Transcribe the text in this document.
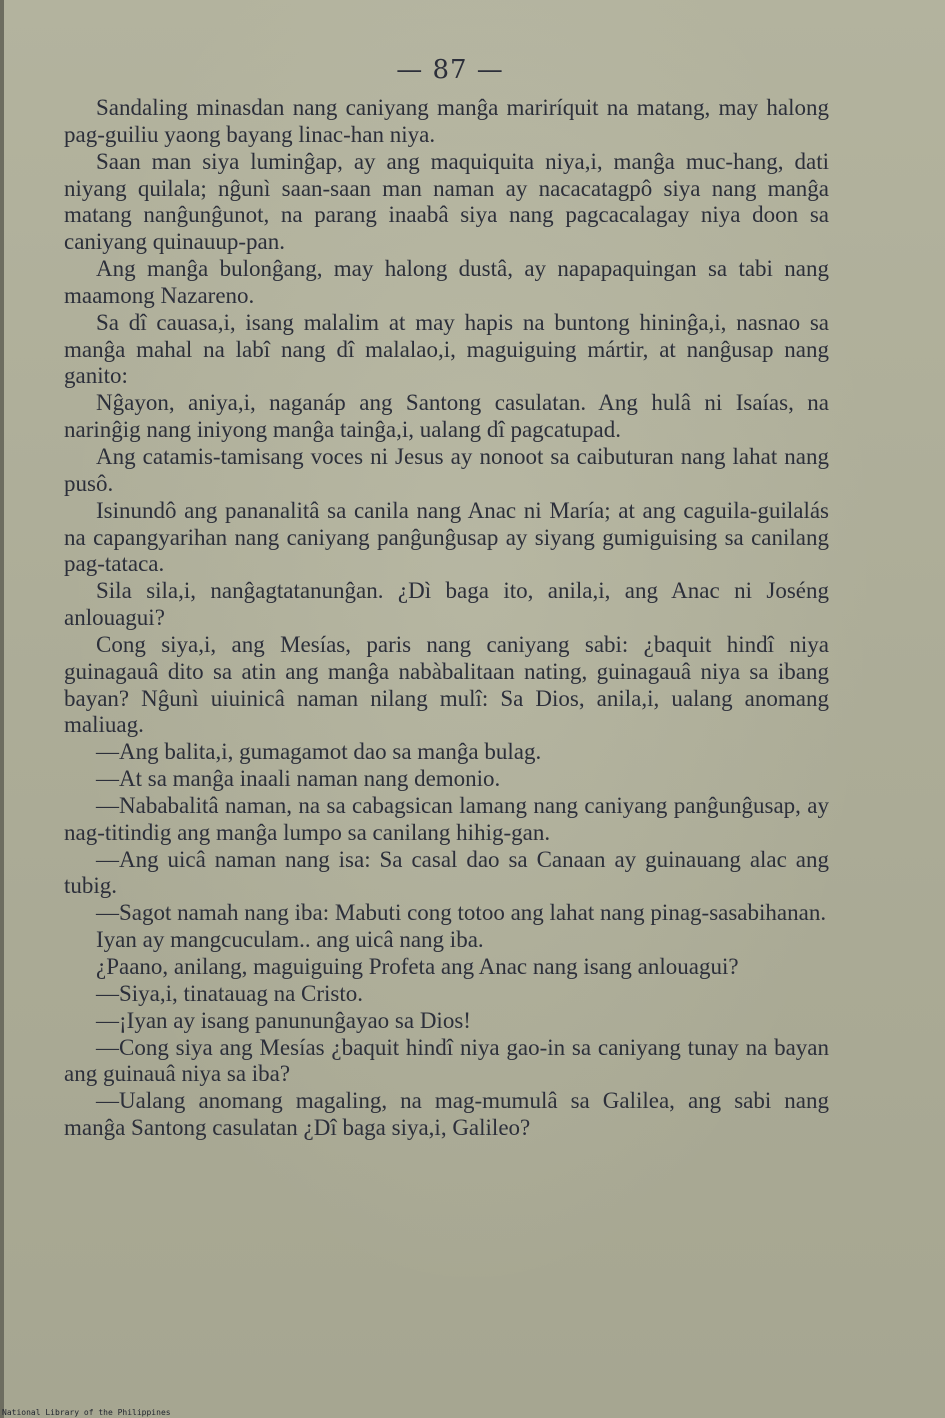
— 87 —

Sandaling minasdan nang caniyang manĝa mariríquit na matang, may halong pag-guiliu yaong bayang linac-han niya.

Saan man siya luminĝap, ay ang maquiquita niya,i, manĝa muc-hang, dati niyang quilala; nĝunì saan-saan man naman ay nacacatagpô siya nang manĝa matang nanĝunĝunot, na parang inaabâ siya nang pagcacalagay niya doon sa caniyang quinauup-pan.

Ang manĝa bulonĝang, may halong dustâ, ay napapaquingan sa tabi nang maamong Nazareno.

Sa dî cauasa,i, isang malalim at may hapis na buntong hininĝa,i, nasnao sa manĝa mahal na labî nang dî malalao,i, maguiguing mártir, at nanĝusap nang ganito:

Nĝayon, aniya,i, naganáp ang Santong casulatan. Ang hulâ ni Isaías, na narinĝig nang iniyong manĝa tainĝa,i, ualang dî pagcatupad.

Ang catamis-tamisang voces ni Jesus ay nonoot sa caibuturan nang lahat nang pusô.

Isinundô ang pananalitâ sa canila nang Anac ni María; at ang caguila-guilalás na capangyarihan nang caniyang panĝunĝusap ay siyang gumiguising sa canilang pag-tataca.

Sila sila,i, nanĝagtatanunĝan. ¿Dì baga ito, anila,i, ang Anac ni Joséng anlouagui?

Cong siya,i, ang Mesías, paris nang caniyang sabi: ¿baquit hindî niya guinagauâ dito sa atin ang manĝa nabàbalitaan nating, guinagauâ niya sa ibang bayan? Nĝunì uiuinicâ naman nilang mulî: Sa Dios, anila,i, ualang anomang maliuag.

—Ang balita,i, gumagamot dao sa manĝa bulag.

—At sa manĝa inaali naman nang demonio.

—Nababalitâ naman, na sa cabagsican lamang nang caniyang panĝunĝusap, ay nag-titindig ang manĝa lumpo sa canilang hihig-gan.

—Ang uicâ naman nang isa: Sa casal dao sa Canaan ay guinauang alac ang tubig.

—Sagot namah nang iba: Mabuti cong totoo ang lahat nang pinag-sasabihanan.

Iyan ay mangcuculam.. ang uicâ nang iba.

¿Paano, anilang, maguiguing Profeta ang Anac nang isang anlouagui?

—Siya,i, tinatauag na Cristo.

—¡Iyan ay isang panununĝayao sa Dios!

—Cong siya ang Mesías ¿baquit hindî niya gao-in sa caniyang tunay na bayan ang guinauâ niya sa iba?

—Ualang anomang magaling, na mag-mumulâ sa Galilea, ang sabi nang manĝa Santong casulatan ¿Dî baga siya,i, Galileo?

National Library of the Philippines
